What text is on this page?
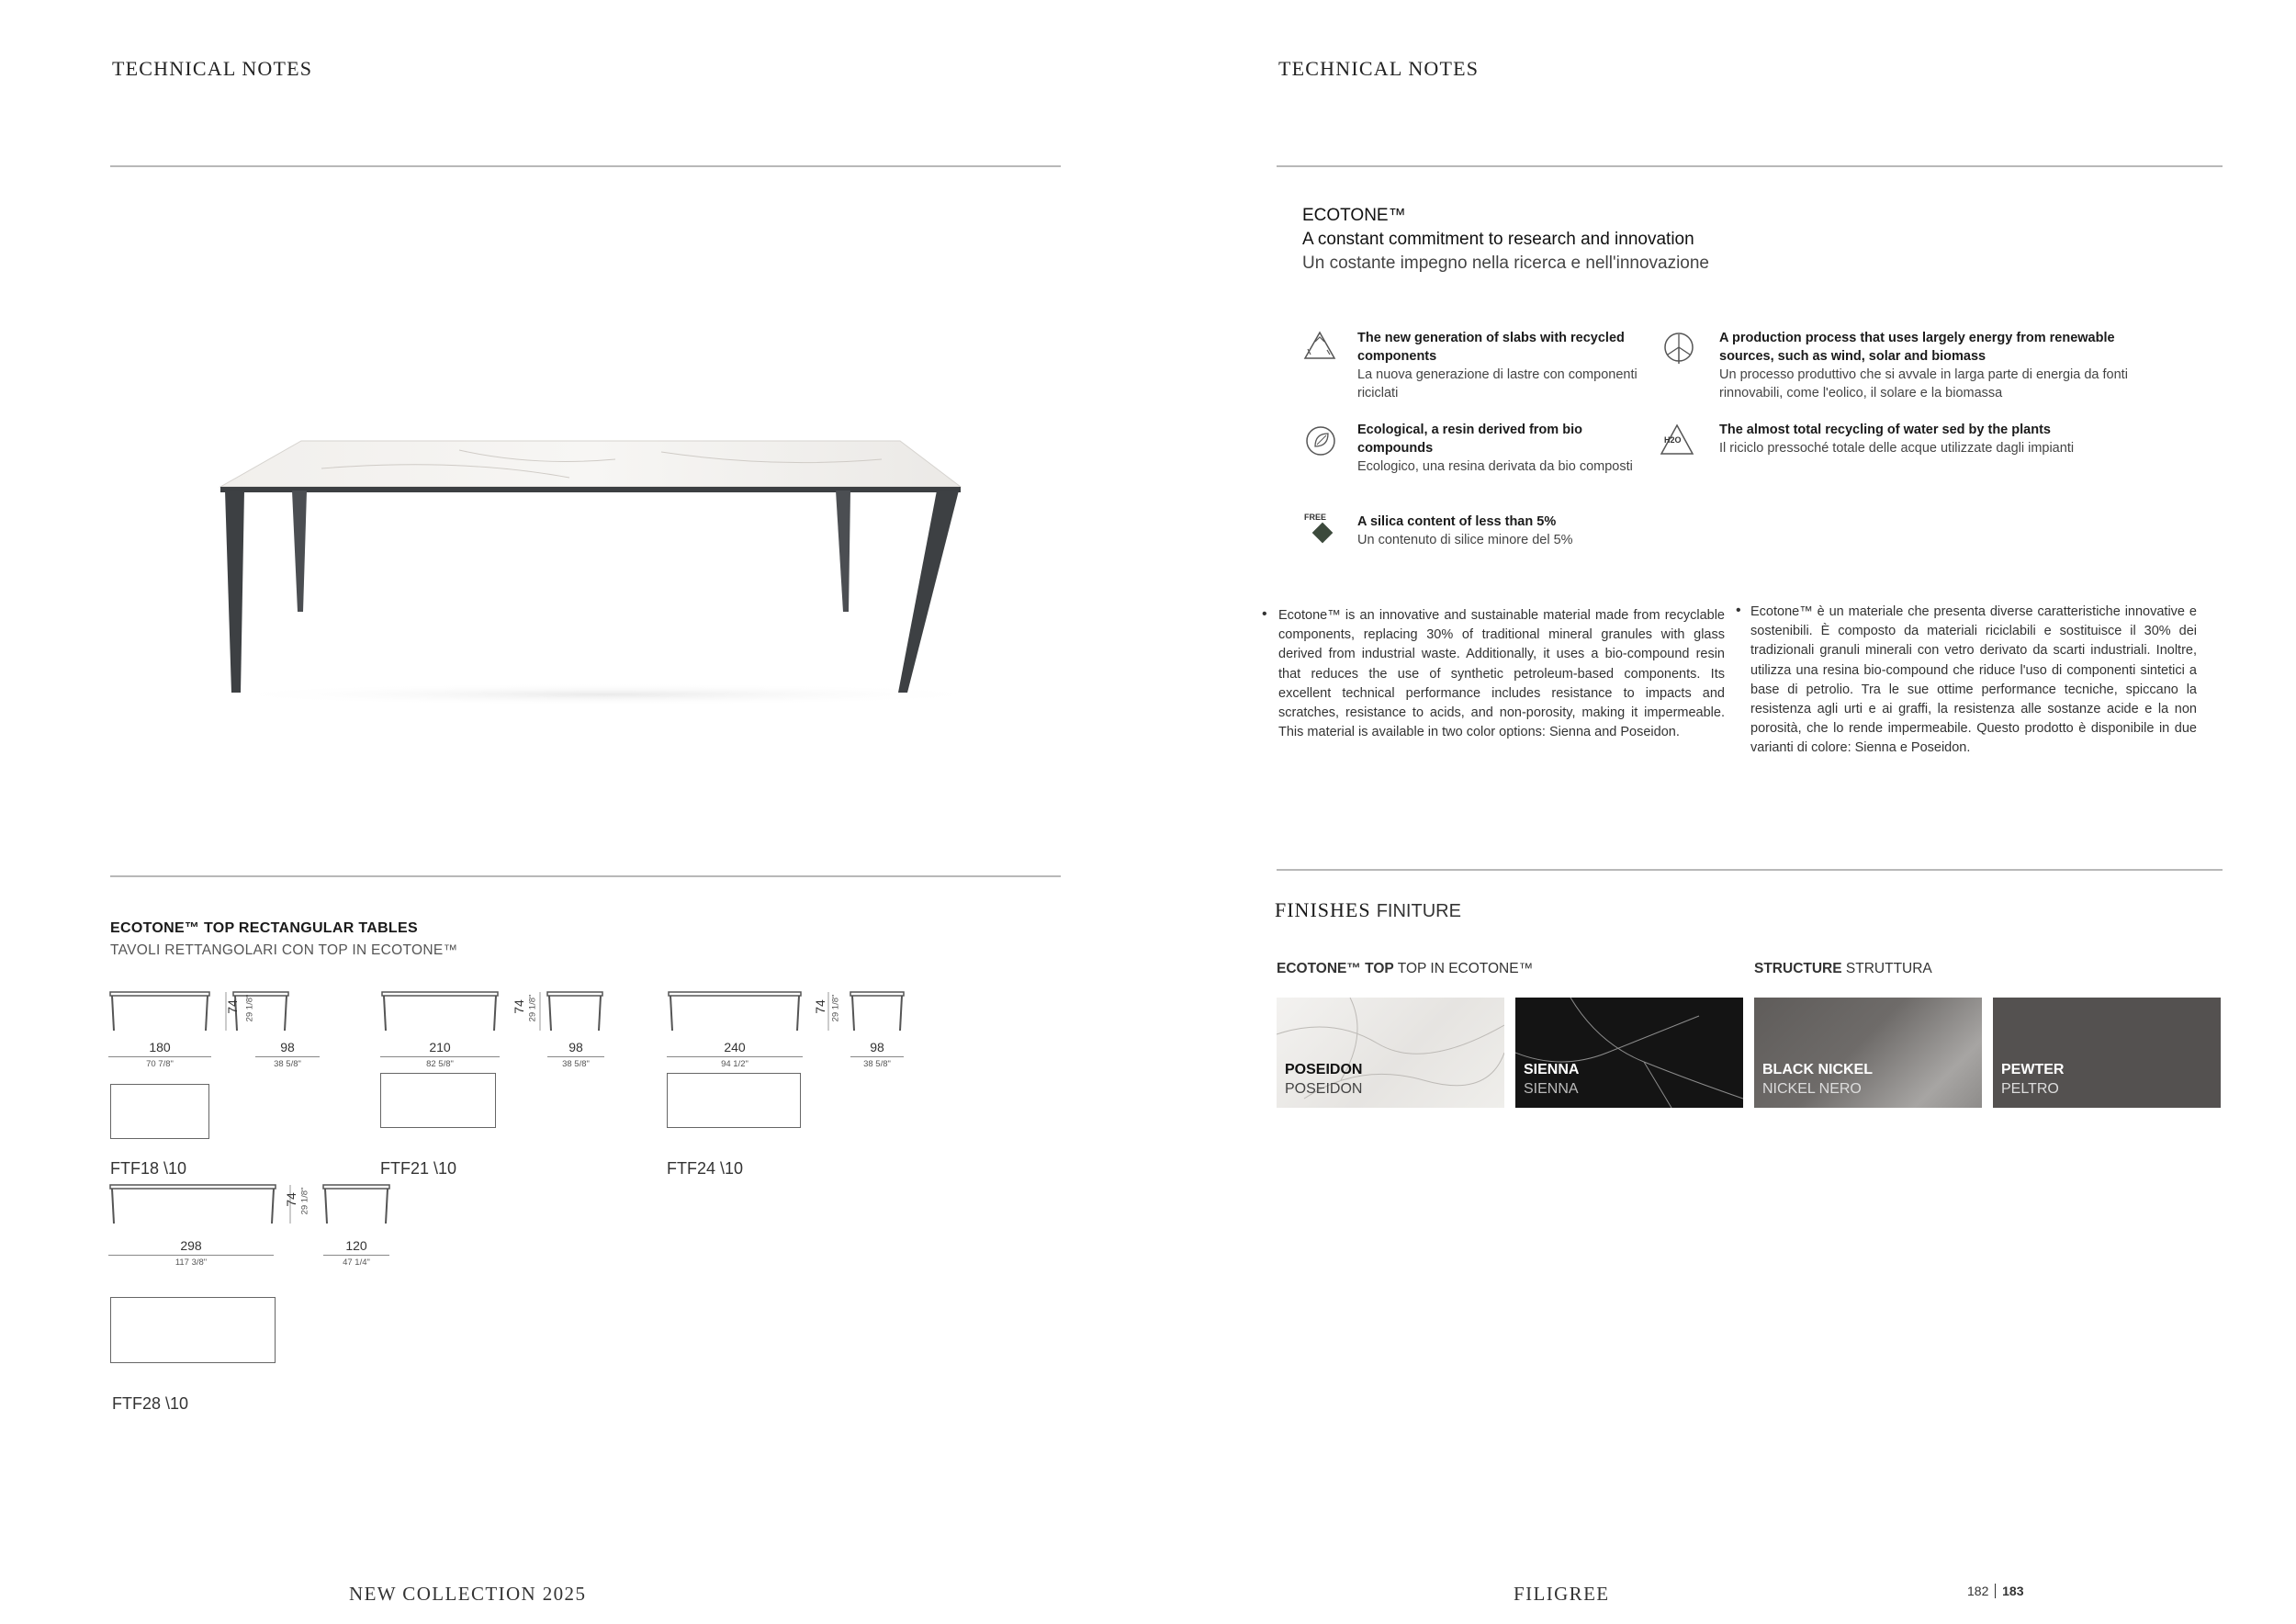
TECHNICAL NOTES
ECOTONE™ TOP RECTANGULAR TABLES
TAVOLI RETTANGOLARI CON TOP IN ECOTONE™
74 29 1/8"
180
70 7/8"
98
38 5/8"
FTF18 \10
74 29 1/8"
210
82 5/8"
98
38 5/8"
FTF21 \10
74 29 1/8"
240
94 1/2"
98
38 5/8"
FTF24 \10
74 29 1/8"
298
117 3/8"
120
47 1/4"
FTF28 \10
NEW COLLECTION 2025
TECHNICAL NOTES
ECOTONE™
A constant commitment to research and innovation
Un costante impegno nella ricerca e nell'innovazione
The new generation of slabs with recycled components
La nuova generazione di lastre con componenti riciclati
Ecological, a resin derived from bio compounds
Ecologico, una resina derivata da bio composti
FREE	A silica content of less than 5%
Un contenuto di silice minore del 5%
A production process that uses largely energy from renewable sources, such as wind, solar and biomass
Un processo produttivo che si avvale in larga parte di energia da fonti rinnovabili, come l'eolico, il solare e la biomassa
H2O
The almost total recycling of water sed by the plants
Il riciclo pressoché totale delle acque utilizzate dagli impianti
• Ecotone™ is an innovative and sustainable material made from recyclable components, replacing 30% of traditional mineral granules with glass derived from industrial waste. Additionally, it uses a bio-compound resin that reduces the use of synthetic petroleum-based components. Its excellent technical performance includes resistance to impacts and scratches, resistance to acids, and non-porosity, making it impermeable. This material is available in two color options: Sienna and Poseidon.
• Ecotone™ è un materiale che presenta diverse caratteristiche innovative e sostenibili. È composto da materiali riciclabili e sostituisce il 30% dei tradizionali granuli minerali con vetro derivato da scarti industriali. Inoltre, utilizza una resina bio-compound che riduce l'uso di componenti sintetici a base di petrolio. Tra le sue ottime performance tecniche, spiccano la resistenza agli urti e ai graffi, la resistenza alle sostanze acide e la non porosità, che lo rende impermeabile. Questo prodotto è disponibile in due varianti di colore: Sienna e Poseidon.
FINISHES FINITURE
ECOTONE™ TOP TOP IN ECOTONE™	STRUCTURE STRUTTURA
POSEIDON
POSEIDON
SIENNA
SIENNA
BLACK NICKEL
NICKEL NERO
PEWTER
PELTRO
FILIGREE	182 183
